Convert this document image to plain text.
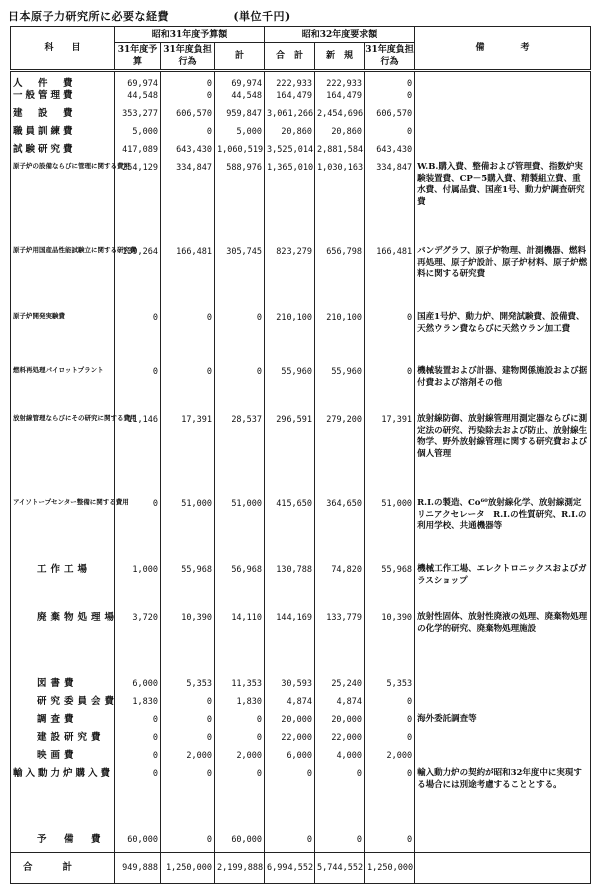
日本原子力研究所に必要な経費	(単位千円)
科　　目	昭和31年度予算額			昭和32年度要求額			備　　　　考
	31年度予算	31年度負担行為	計	合　計	新　規	31年度負担行為	
人　件　費	69,974	0	69,974	222,933	222,933	0	
一般管理費	44,548	0	44,548	164,479	164,479	0	
建　設　費	353,277	606,570	959,847	3,061,266	2,454,696	606,570	
職員訓練費	5,000	0	5,000	20,860	20,860	0	
試験研究費	417,089	643,430	1,060,519	3,525,014	2,881,584	643,430	
原子炉の設備ならびに管理に関する費用	254,129	334,847	588,976	1,365,010	1,030,163	334,847	W.B.購入費、整備および管理費、指数炉実験装置費、CP－5購入費、精製組立費、重水費、付属品費、国産1号、動力炉調査研究費
原子炉用国産品性能試験立に関する研究費	139,264	166,481	305,745	823,279	656,798	166,481	バンデグラフ、原子炉物理、計測機器、燃料再処理、原子炉設計、原子炉材料、原子炉燃料に関する研究費
原子炉開発実験費	0	0	0	210,100	210,100	0	国産1号炉、動力炉、開発試験費、設備費、天然ウラン費ならびに天然ウラン加工費
燃料再処理パイロットプラント	0	0	0	55,960	55,960	0	機械装置および計器、建物関係施設および据付費および溶剤その他
放射線管理ならびにその研究に関する費用	11,146	17,391	28,537	296,591	279,200	17,391	放射線防御、放射線管理用測定器ならびに測定法の研究、汚染除去および防止、放射線生物学、野外放射線管理に関する研究費および個人管理
アイソトープセンター整備に関する費用	0	51,000	51,000	415,650	364,650	51,000	R.I.の製造、Co⁶⁰放射線化学、放射線測定リニアクセレータ　R.I.の性質研究、R.I.の利用学校、共通機器等
工作工場	1,000	55,968	56,968	130,788	74,820	55,968	機械工作工場、エレクトロニックスおよびガラスショップ
廃棄物処理場	3,720	10,390	14,110	144,169	133,779	10,390	放射性固体、放射性廃液の処理、廃棄物処理の化学的研究、廃棄物処理施設
図書費	6,000	5,353	11,353	30,593	25,240	5,353	
研究委員会費	1,830	0	1,830	4,874	4,874	0	
調査費	0	0	0	20,000	20,000	0	海外委託調査等
建設研究費	0	0	0	22,000	22,000	0	
映画費	0	2,000	2,000	6,000	4,000	2,000	
輸入動力炉購入費	0	0	0	0	0	0	輸入動力炉の契約が昭和32年度中に実現する場合には別途考慮することとする。
予　備　費	60,000	0	60,000	0	0	0	
合計	949,888	1,250,000	2,199,888	6,994,552	5,744,552	1,250,000	
